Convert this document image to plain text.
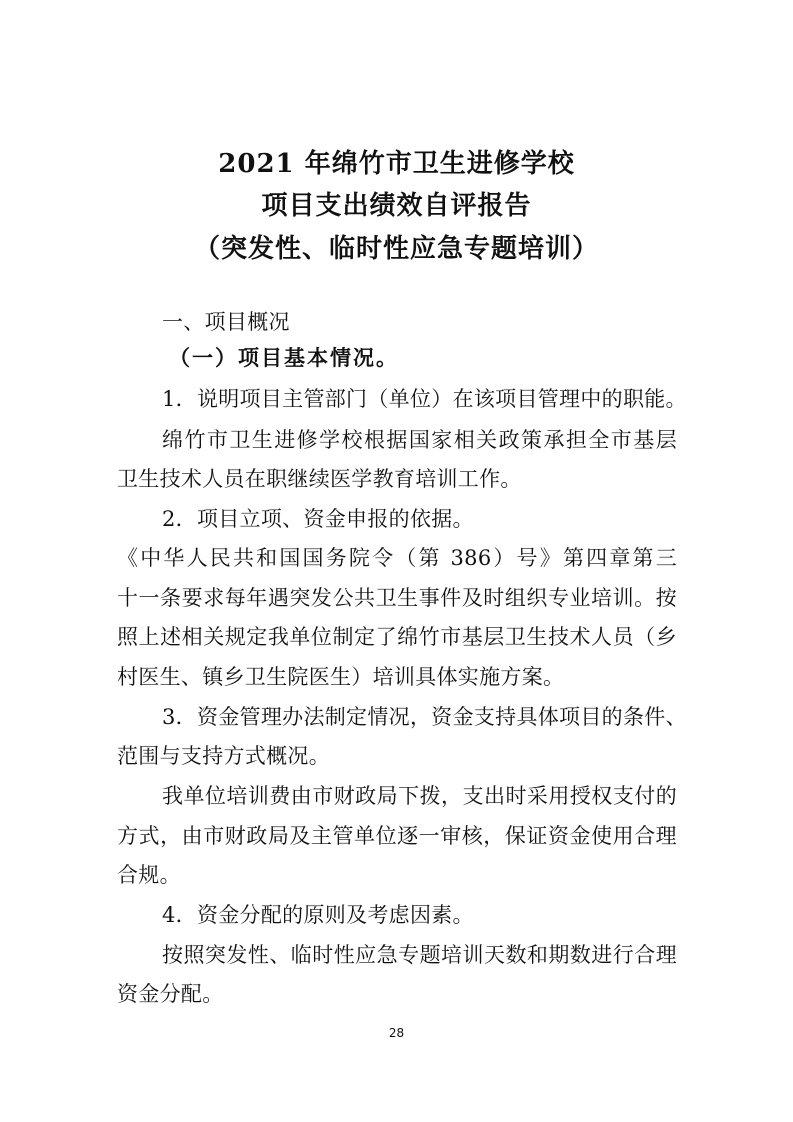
2021 年绵竹市卫生进修学校
项目支出绩效自评报告
（突发性、临时性应急专题培训）
一、项目概况
（一）项目基本情况。
1．说明项目主管部门（单位）在该项目管理中的职能。
绵竹市卫生进修学校根据国家相关政策承担全市基层
卫生技术人员在职继续医学教育培训工作。
2．项目立项、资金申报的依据。
《中华人民共和国国务院令（第 386）号》第四章第三
十一条要求每年遇突发公共卫生事件及时组织专业培训。按
照上述相关规定我单位制定了绵竹市基层卫生技术人员（乡
村医生、镇乡卫生院医生）培训具体实施方案。
3．资金管理办法制定情况，资金支持具体项目的条件、
范围与支持方式概况。
我单位培训费由市财政局下拨，支出时采用授权支付的
方式，由市财政局及主管单位逐一审核，保证资金使用合理
合规。
4．资金分配的原则及考虑因素。
按照突发性、临时性应急专题培训天数和期数进行合理
资金分配。
28
